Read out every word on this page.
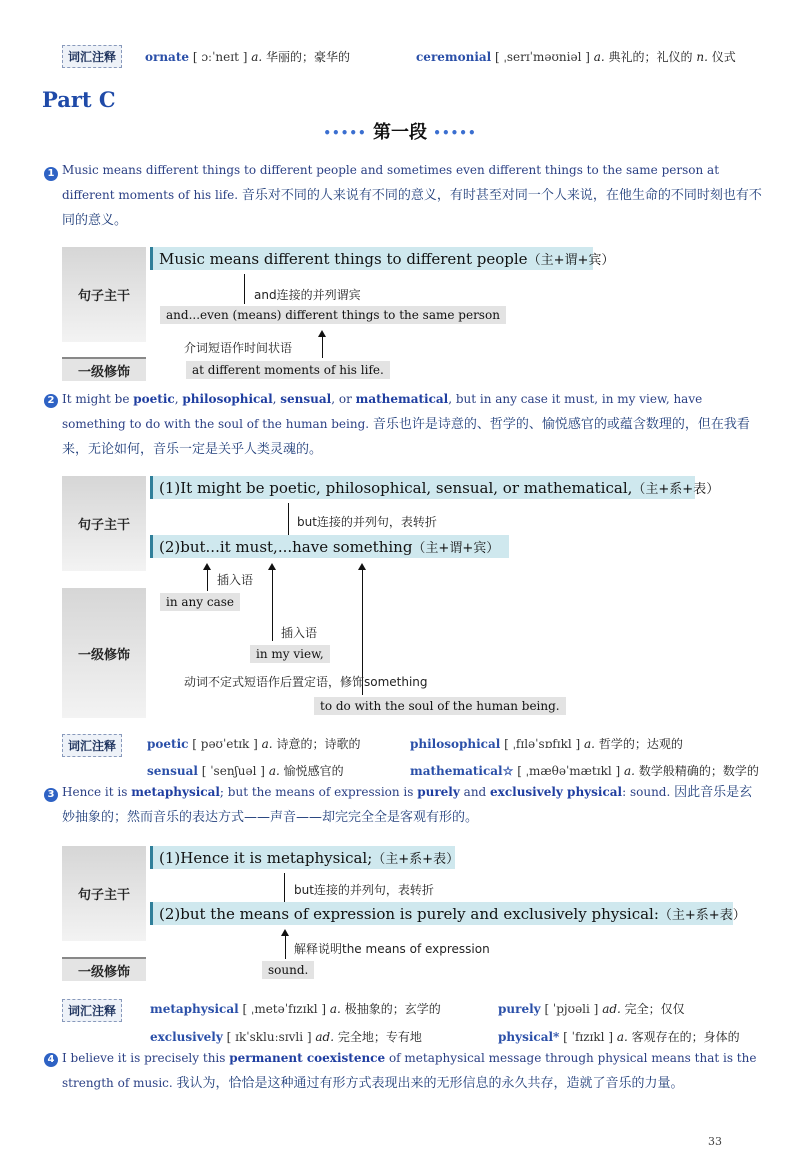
词汇注释	ornate [ ɔːˈneɪt ] a. 华丽的；豪华的	ceremonial [ ˌserɪˈməʊniəl ] a. 典礼的；礼仪的 n. 仪式
Part C
••••• 第一段 •••••
1 Music means different things to different people and sometimes even different things to the same person at different moments of his life. 音乐对不同的人来说有不同的意义，有时甚至对同一个人来说，在他生命的不同时刻也有不同的意义。
句子主干
一级修饰
Music means different things to different people（主+谓+宾）
and连接的并列谓宾
and...even (means) different things to the same person
介词短语作时间状语
at different moments of his life.
2 It might be poetic, philosophical, sensual, or mathematical, but in any case it must, in my view, have something to do with the soul of the human being. 音乐也许是诗意的、哲学的、愉悦感官的或蕴含数理的，但在我看来，无论如何，音乐一定是关乎人类灵魂的。
句子主干
一级修饰
(1)It might be poetic, philosophical, sensual, or mathematical,（主+系+表）
but连接的并列句，表转折
(2)but...it must,...have something（主+谓+宾）
插入语
in any case
插入语
in my view,
动词不定式短语作后置定语，修饰something
to do with the soul of the human being.
词汇注释	poetic [ pəʊˈetɪk ] a. 诗意的；诗歌的	philosophical [ ˌfɪləˈsɒfɪkl ] a. 哲学的；达观的
sensual [ ˈsenʃuəl ] a. 愉悦感官的	mathematical☆ [ ˌmæθəˈmætɪkl ] a. 数学般精确的；数学的
3 Hence it is metaphysical; but the means of expression is purely and exclusively physical: sound. 因此音乐是玄妙抽象的；然而音乐的表达方式——声音——却完完全全是客观有形的。
句子主干
一级修饰
(1)Hence it is metaphysical;（主+系+表）
but连接的并列句，表转折
(2)but the means of expression is purely and exclusively physical:（主+系+表）
解释说明the means of expression
sound.
词汇注释	metaphysical [ ˌmetəˈfɪzɪkl ] a. 极抽象的；玄学的	purely [ ˈpjʊəli ] ad. 完全；仅仅
exclusively [ ɪkˈskluːsɪvli ] ad. 完全地；专有地	physical* [ ˈfɪzɪkl ] a. 客观存在的；身体的
4 I believe it is precisely this permanent coexistence of metaphysical message through physical means that is the strength of music. 我认为，恰恰是这种通过有形方式表现出来的无形信息的永久共存，造就了音乐的力量。
33
